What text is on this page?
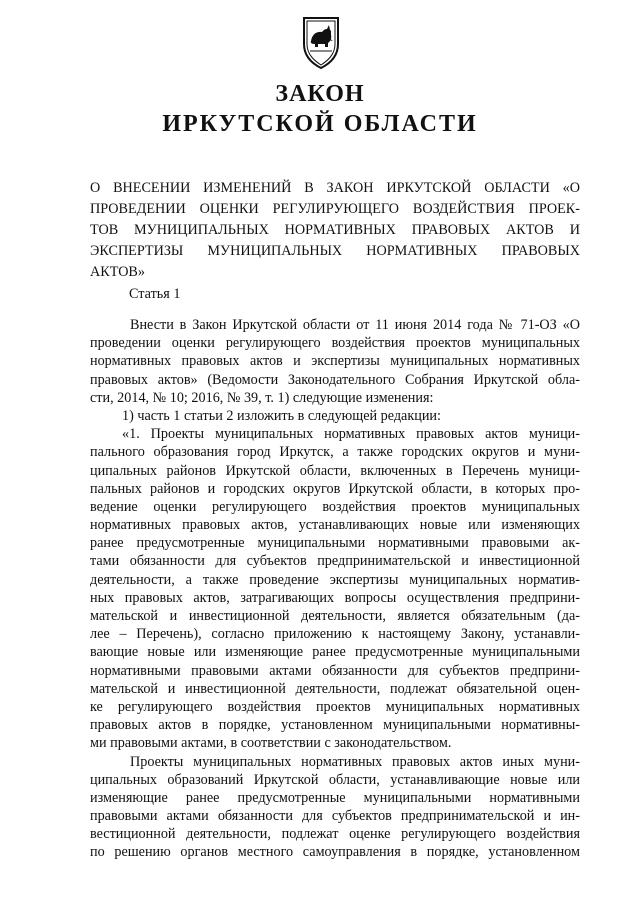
ЗАКОН
ИРКУТСКОЙ ОБЛАСТИ
О ВНЕСЕНИИ ИЗМЕНЕНИЙ В ЗАКОН ИРКУТСКОЙ ОБЛАСТИ «О
ПРОВЕДЕНИИ ОЦЕНКИ РЕГУЛИРУЮЩЕГО ВОЗДЕЙСТВИЯ ПРОЕК-
ТОВ МУНИЦИПАЛЬНЫХ НОРМАТИВНЫХ ПРАВОВЫХ АКТОВ И
ЭКСПЕРТИЗЫ МУНИЦИПАЛЬНЫХ НОРМАТИВНЫХ ПРАВОВЫХ
АКТОВ»
Статья 1
Внести в Закон Иркутской области от 11 июня 2014 года № 71-ОЗ «О
проведении оценки регулирующего воздействия проектов муниципальных
нормативных правовых актов и экспертизы муниципальных нормативных
правовых актов» (Ведомости Законодательного Собрания Иркутской обла-
сти, 2014, № 10; 2016, № 39, т. 1) следующие изменения:
1) часть 1 статьи 2 изложить в следующей редакции:
«1. Проекты муниципальных нормативных правовых актов муници-
пального образования город Иркутск, а также городских округов и муни-
ципальных районов Иркутской области, включенных в Перечень муници-
пальных районов и городских округов Иркутской области, в которых про-
ведение оценки регулирующего воздействия проектов муниципальных
нормативных правовых актов, устанавливающих новые или изменяющих
ранее предусмотренные муниципальными нормативными правовыми ак-
тами обязанности для субъектов предпринимательской и инвестиционной
деятельности, а также проведение экспертизы муниципальных норматив-
ных правовых актов, затрагивающих вопросы осуществления предприни-
мательской и инвестиционной деятельности, является обязательным (да-
лее – Перечень), согласно приложению к настоящему Закону, устанавли-
вающие новые или изменяющие ранее предусмотренные муниципальными
нормативными правовыми актами обязанности для субъектов предприни-
мательской и инвестиционной деятельности, подлежат обязательной оцен-
ке регулирующего воздействия проектов муниципальных нормативных
правовых актов в порядке, установленном муниципальными нормативны-
ми правовыми актами, в соответствии с законодательством.
Проекты муниципальных нормативных правовых актов иных муни-
ципальных образований Иркутской области, устанавливающие новые или
изменяющие ранее предусмотренные муниципальными нормативными
правовыми актами обязанности для субъектов предпринимательской и ин-
вестиционной деятельности, подлежат оценке регулирующего воздействия
по решению органов местного самоуправления в порядке, установленном
